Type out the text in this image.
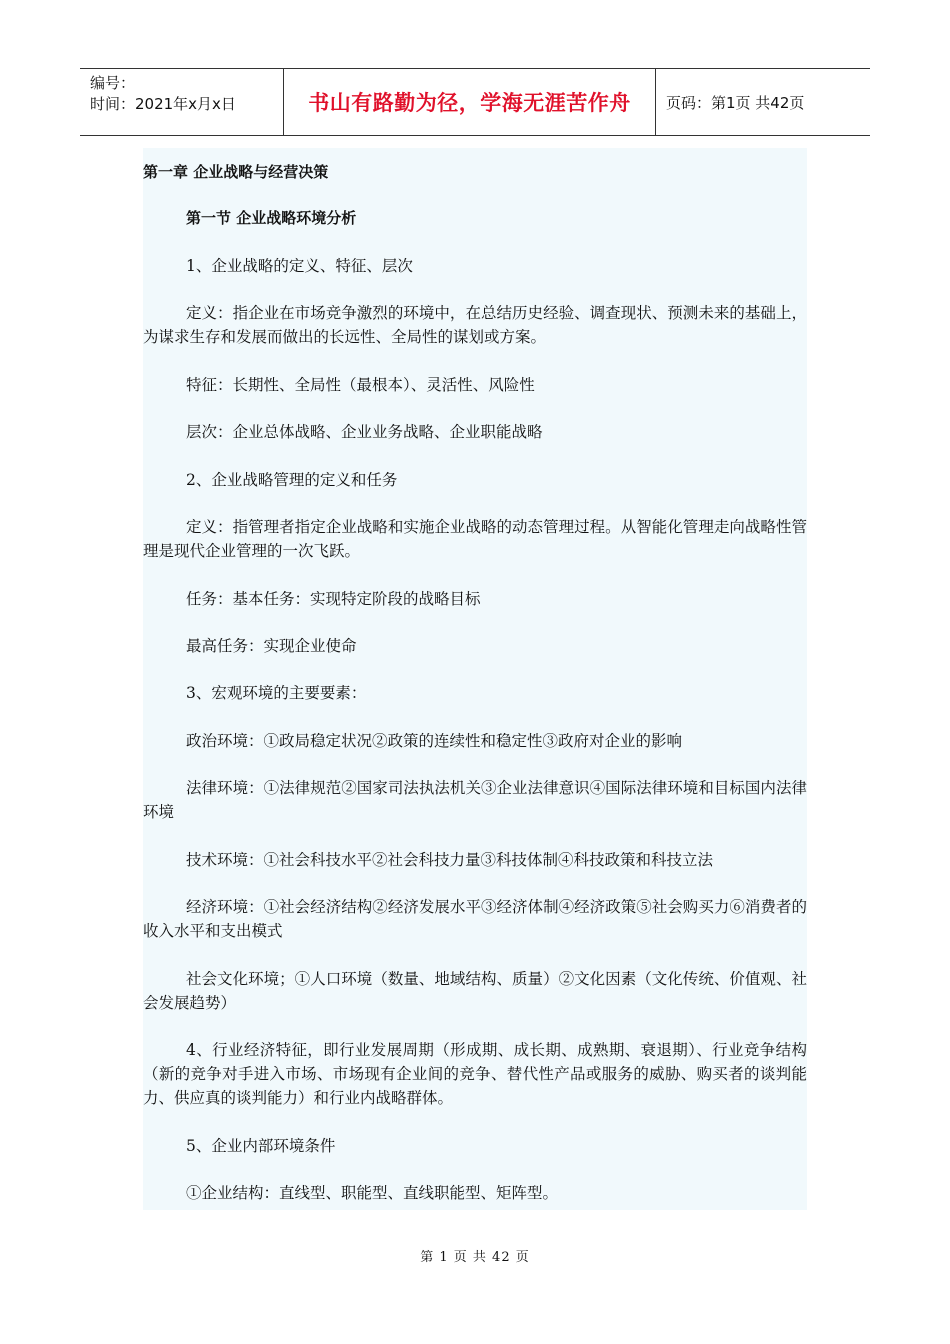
编号：
时间：2021年x月x日	书山有路勤为径，学海无涯苦作舟	页码：第1页 共42页

第一章 企业战略与经营决策

第一节 企业战略环境分析

1、企业战略的定义、特征、层次

定义：指企业在市场竞争激烈的环境中，在总结历史经验、调查现状、预测未来的基础上，为谋求生存和发展而做出的长远性、全局性的谋划或方案。

特征：长期性、全局性（最根本）、灵活性、风险性

层次：企业总体战略、企业业务战略、企业职能战略

2、企业战略管理的定义和任务

定义：指管理者指定企业战略和实施企业战略的动态管理过程。从智能化管理走向战略性管理是现代企业管理的一次飞跃。

任务：基本任务：实现特定阶段的战略目标

最高任务：实现企业使命

3、宏观环境的主要要素：

政治环境：①政局稳定状况②政策的连续性和稳定性③政府对企业的影响

法律环境：①法律规范②国家司法执法机关③企业法律意识④国际法律环境和目标国内法律环境

技术环境：①社会科技水平②社会科技力量③科技体制④科技政策和科技立法

经济环境：①社会经济结构②经济发展水平③经济体制④经济政策⑤社会购买力⑥消费者的收入水平和支出模式

社会文化环境；①人口环境（数量、地域结构、质量）②文化因素（文化传统、价值观、社会发展趋势）

4、行业经济特征，即行业发展周期（形成期、成长期、成熟期、衰退期）、行业竞争结构（新的竞争对手进入市场、市场现有企业间的竞争、替代性产品或服务的威胁、购买者的谈判能力、供应真的谈判能力）和行业内战略群体。

5、企业内部环境条件

①企业结构：直线型、职能型、直线职能型、矩阵型。

第 1 页 共 42 页
